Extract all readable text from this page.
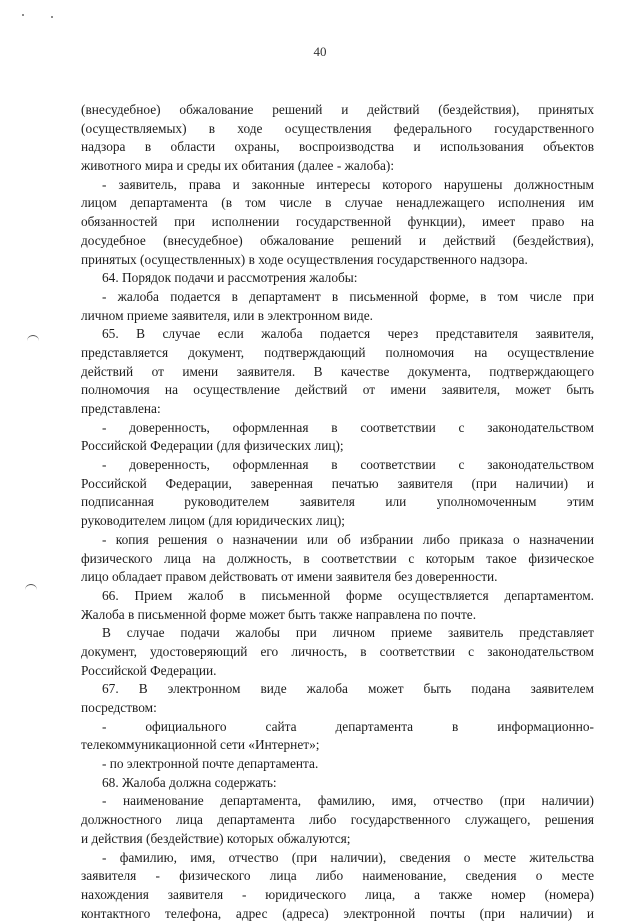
40
(внесудебное) обжалование решений и действий (бездействия), принятых
(осуществляемых) в ходе осуществления федерального государственного
надзора в области охраны, воспроизводства и использования объектов
животного мира и среды их обитания (далее - жалоба):
- заявитель, права и законные интересы которого нарушены должностным
лицом департамента (в том числе в случае ненадлежащего исполнения им
обязанностей при исполнении государственной функции), имеет право на
досудебное (внесудебное) обжалование решений и действий (бездействия),
принятых (осуществленных) в ходе осуществления государственного надзора.
64. Порядок подачи и рассмотрения жалобы:
- жалоба подается в департамент в письменной форме, в том числе при
личном приеме заявителя, или в электронном виде.
65. В случае если жалоба подается через представителя заявителя,
представляется документ, подтверждающий полномочия на осуществление
действий от имени заявителя. В качестве документа, подтверждающего
полномочия на осуществление действий от имени заявителя, может быть
представлена:
- доверенность, оформленная в соответствии с законодательством
Российской Федерации (для физических лиц);
- доверенность, оформленная в соответствии с законодательством
Российской Федерации, заверенная печатью заявителя (при наличии) и
подписанная руководителем заявителя или уполномоченным этим
руководителем лицом (для юридических лиц);
- копия решения о назначении или об избрании либо приказа о назначении
физического лица на должность, в соответствии с которым такое физическое
лицо обладает правом действовать от имени заявителя без доверенности.
66. Прием жалоб в письменной форме осуществляется департаментом.
Жалоба в письменной форме может быть также направлена по почте.
В случае подачи жалобы при личном приеме заявитель представляет
документ, удостоверяющий его личность, в соответствии с законодательством
Российской Федерации.
67. В электронном виде жалоба может быть подана заявителем
посредством:
- официального сайта департамента в информационно-
телекоммуникационной сети «Интернет»;
- по электронной почте департамента.
68. Жалоба должна содержать:
- наименование департамента, фамилию, имя, отчество (при наличии)
должностного лица департамента либо государственного служащего, решения
и действия (бездействие) которых обжалуются;
- фамилию, имя, отчество (при наличии), сведения о месте жительства
заявителя - физического лица либо наименование, сведения о месте
нахождения заявителя - юридического лица, а также номер (номера)
контактного телефона, адрес (адреса) электронной почты (при наличии) и
